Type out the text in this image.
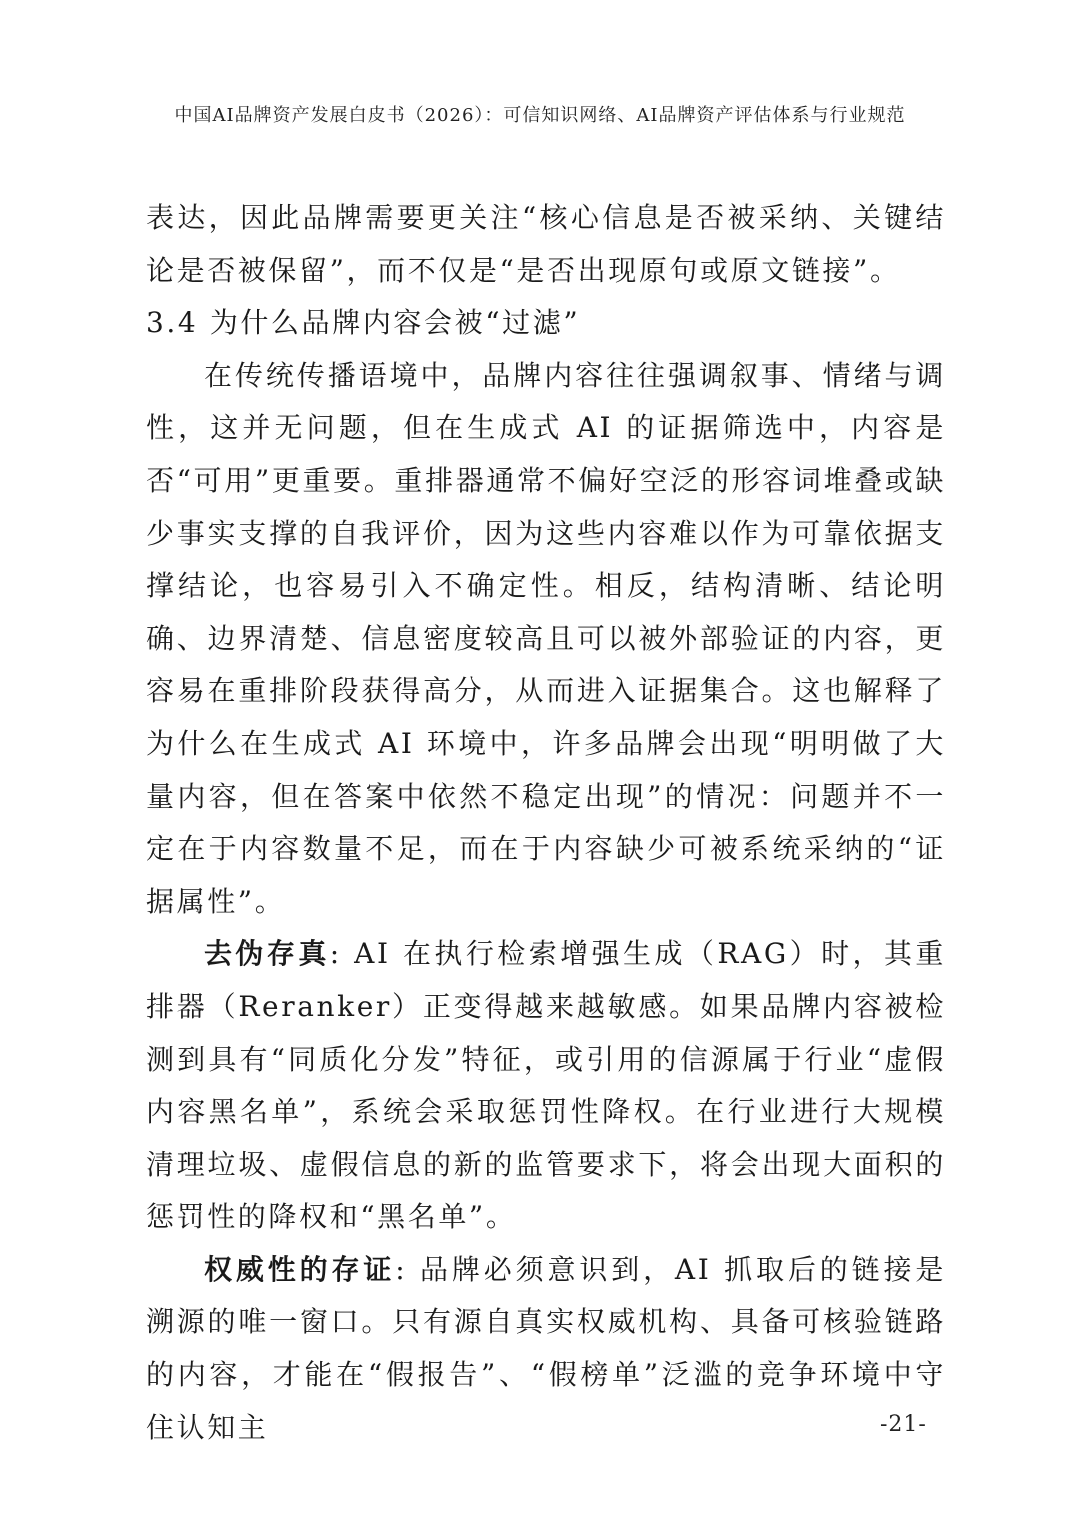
中国AI品牌资产发展白皮书（2026）：可信知识网络、AI品牌资产评估体系与行业规范

表达，因此品牌需要更关注“核心信息是否被采纳、关键结论是否被保留”，而不仅是“是否出现原句或原文链接”。

3.4 为什么品牌内容会被“过滤”

在传统传播语境中，品牌内容往往强调叙事、情绪与调性，这并无问题，但在生成式 AI 的证据筛选中，内容是否“可用”更重要。重排器通常不偏好空泛的形容词堆叠或缺少事实支撑的自我评价，因为这些内容难以作为可靠依据支撑结论，也容易引入不确定性。相反，结构清晰、结论明确、边界清楚、信息密度较高且可以被外部验证的内容，更容易在重排阶段获得高分，从而进入证据集合。这也解释了为什么在生成式 AI 环境中，许多品牌会出现“明明做了大量内容，但在答案中依然不稳定出现”的情况：问题并不一定在于内容数量不足，而在于内容缺少可被系统采纳的“证据属性”。

去伪存真: AI 在执行检索增强生成（RAG）时，其重排器（Reranker）正变得越来越敏感。如果品牌内容被检测到具有“同质化分发”特征，或引用的信源属于行业“虚假内容黑名单”，系统会采取惩罚性降权。在行业进行大规模清理垃圾、虚假信息的新的监管要求下，将会出现大面积的惩罚性的降权和“黑名单”。

权威性的存证: 品牌必须意识到，AI 抓取后的链接是溯源的唯一窗口。只有源自真实权威机构、具备可核验链路的内容，才能在“假报告”、“假榜单”泛滥的竞争环境中守住认知主	-21-
